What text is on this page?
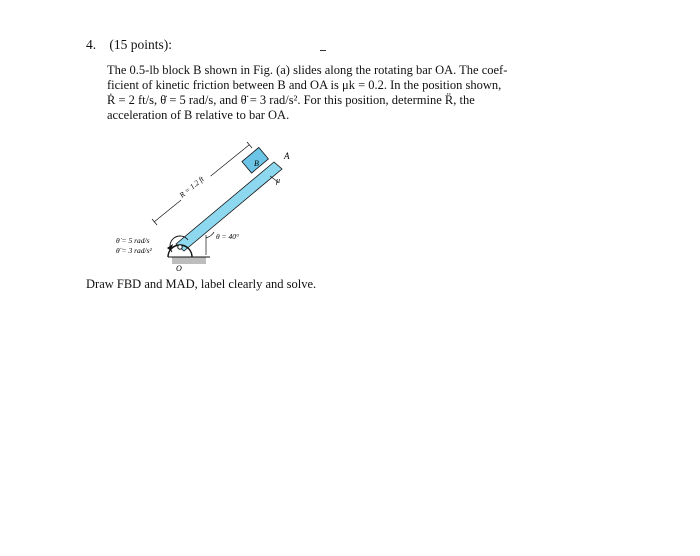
4. (15 points):

The 0.5-lb block B shown in Fig. (a) slides along the rotating bar OA. The coef-

ficient of kinetic friction between B and OA is μk = 0.2. In the position shown,

Ṙ = 2 ft/s, θ̇ = 5 rad/s, and θ̈ = 3 rad/s². For this position, determine R̈, the

acceleration of B relative to bar OA.

B
A
μ
R = 1.2 ft
O
θ = 40°
θ̇ = 5 rad/s
θ̈ = 3 rad/s²

Draw FBD and MAD, label clearly and solve.
